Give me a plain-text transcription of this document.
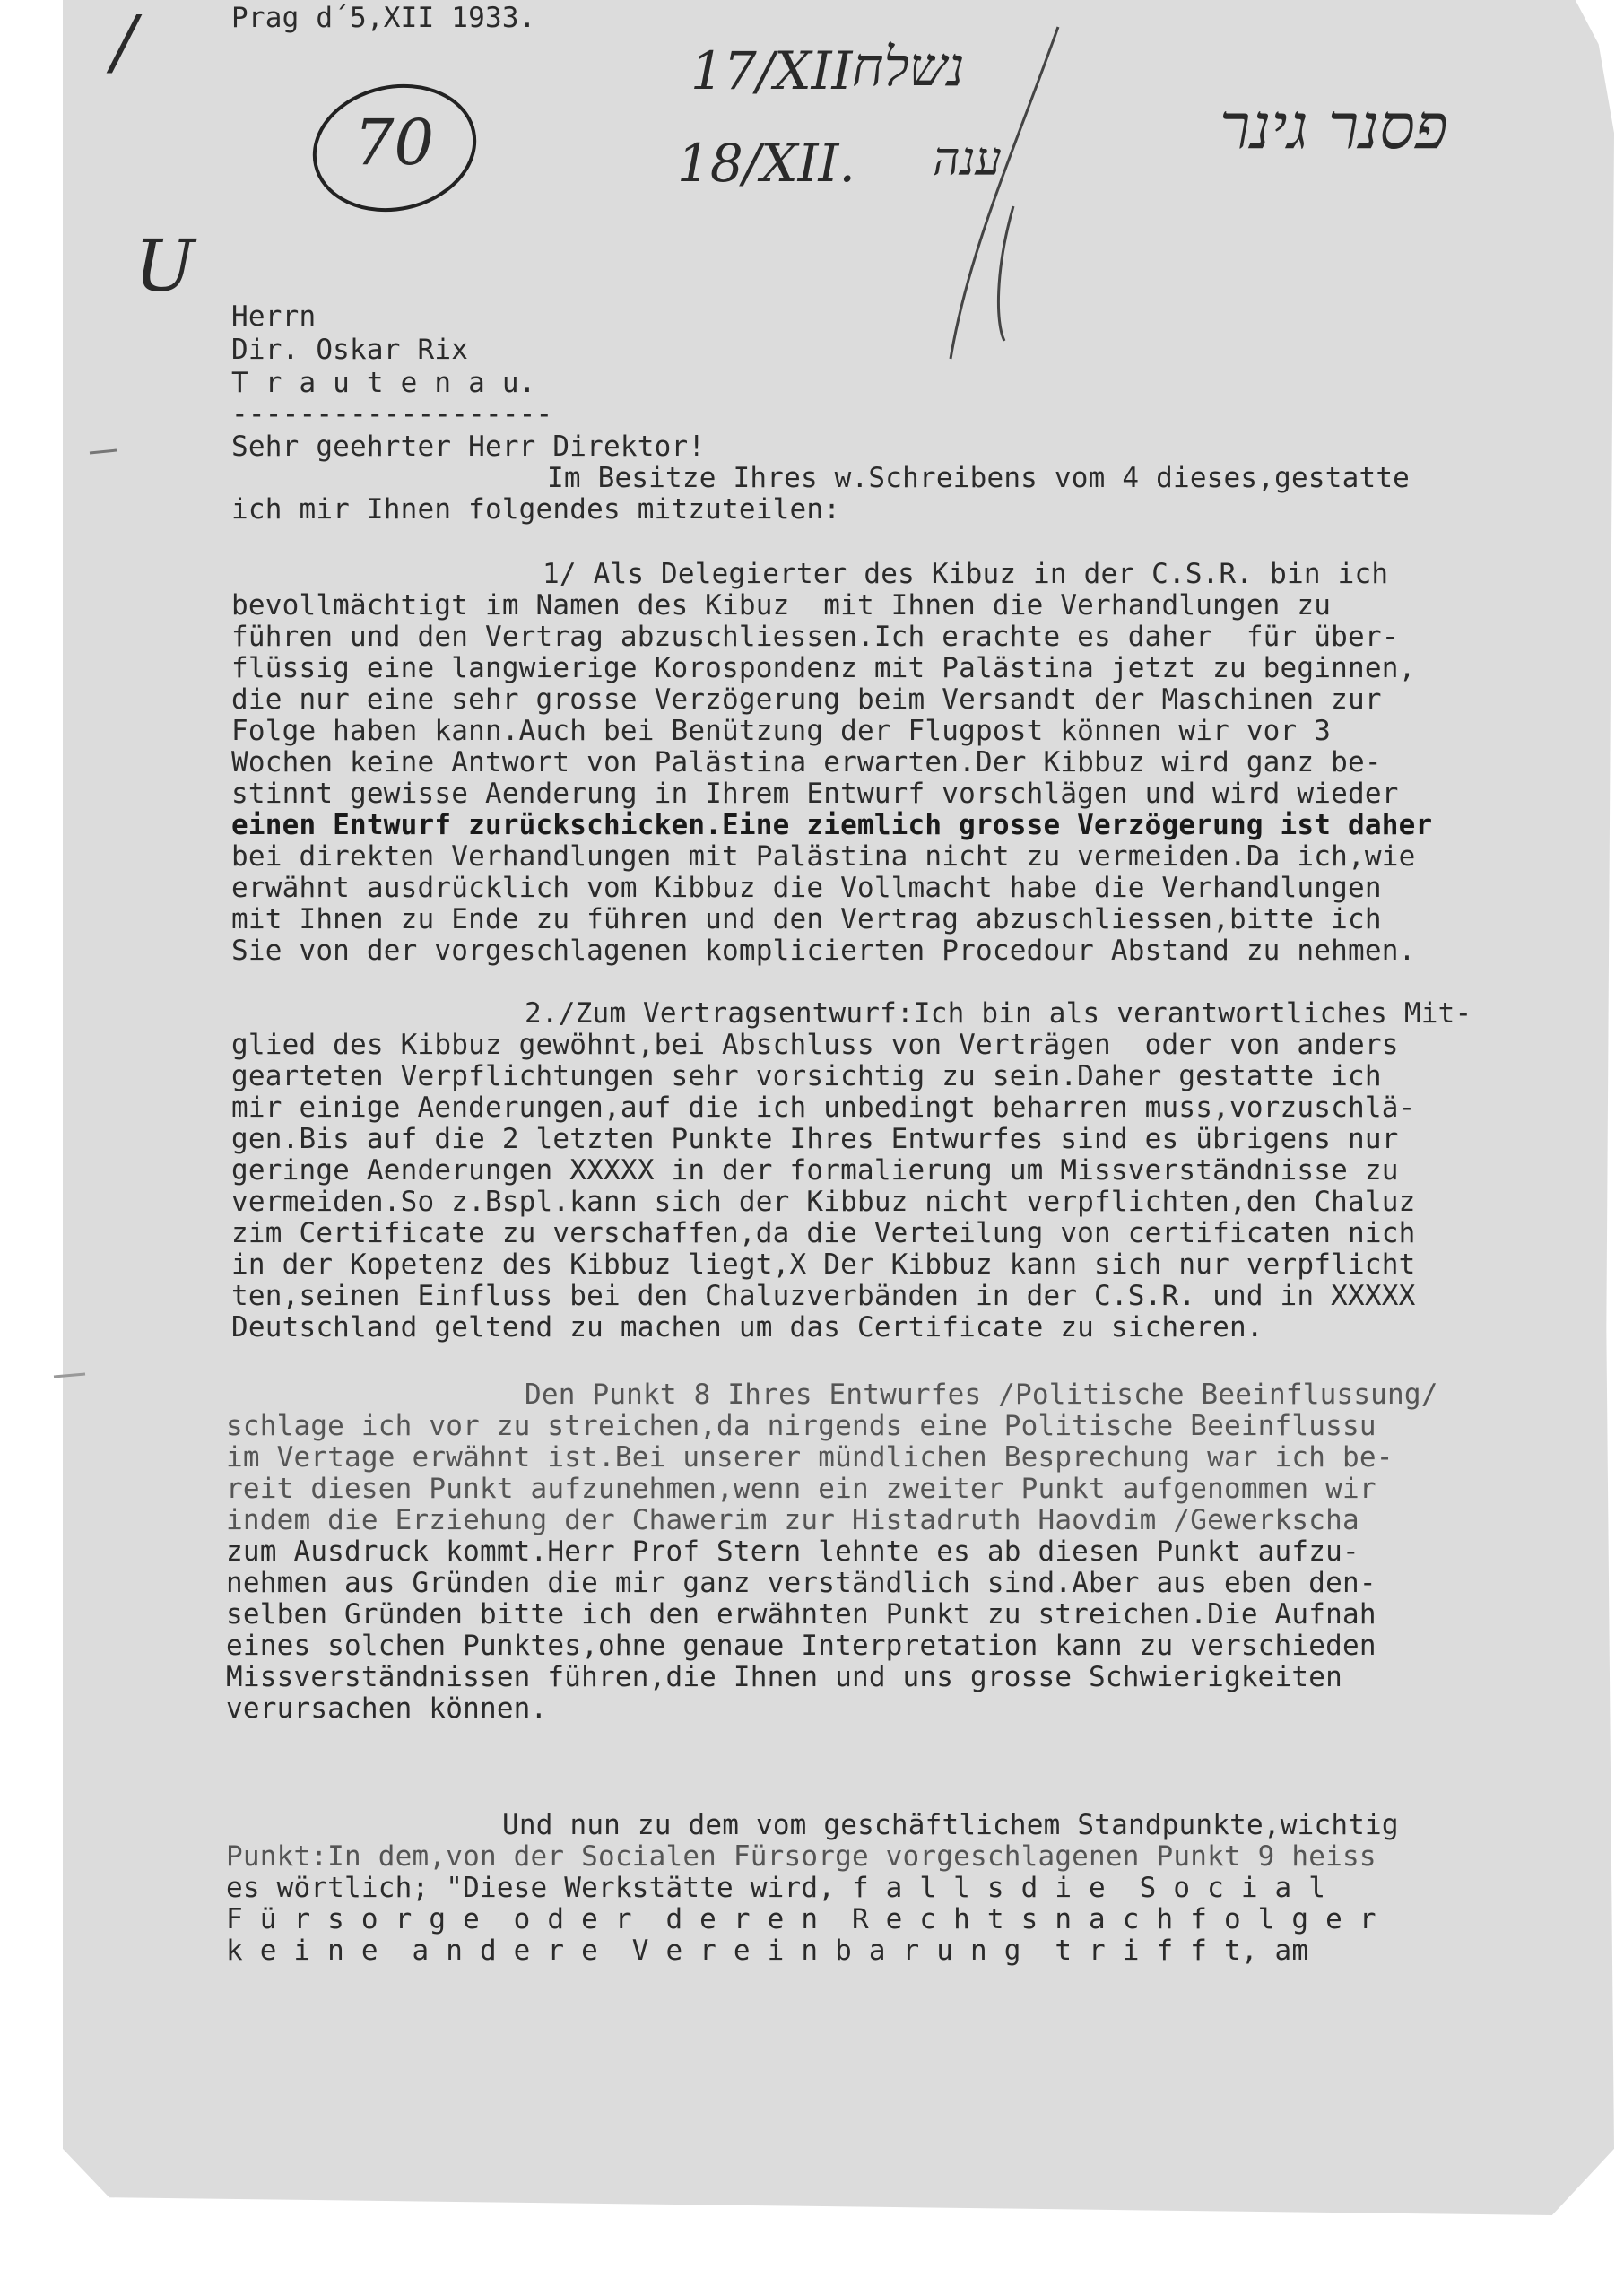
/
U
70
17/XII
18/XII.
נשלח
ענה	פסנר גינר
Prag d´5,XII 1933.
Herrn
Dir. Oskar Rix
T r a u t e n a u.
-------------------
Sehr geehrter Herr Direktor!
Im Besitze Ihres w.Schreibens vom 4 dieses,gestatte
ich mir Ihnen folgendes mitzuteilen:
1/ Als Delegierter des Kibuz in der C.S.R. bin ich
bevollmächtigt im Namen des Kibuz  mit Ihnen die Verhandlungen zu
führen und den Vertrag abzuschliessen.Ich erachte es daher  für über-
flüssig eine langwierige Korospondenz mit Palästina jetzt zu beginnen,
die nur eine sehr grosse Verzögerung beim Versandt der Maschinen zur
Folge haben kann.Auch bei Benützung der Flugpost können wir vor 3
Wochen keine Antwort von Palästina erwarten.Der Kibbuz wird ganz be-
stinnt gewisse Aenderung in Ihrem Entwurf vorschlägen und wird wieder
einen Entwurf zurückschicken.Eine ziemlich grosse Verzögerung ist daher
bei direkten Verhandlungen mit Palästina nicht zu vermeiden.Da ich,wie
erwähnt ausdrücklich vom Kibbuz die Vollmacht habe die Verhandlungen
mit Ihnen zu Ende zu führen und den Vertrag abzuschliessen,bitte ich
Sie von der vorgeschlagenen komplicierten Procedour Abstand zu nehmen.
2./Zum Vertragsentwurf:Ich bin als verantwortliches Mit-
glied des Kibbuz gewöhnt,bei Abschluss von Verträgen  oder von anders
gearteten Verpflichtungen sehr vorsichtig zu sein.Daher gestatte ich
mir einige Aenderungen,auf die ich unbedingt beharren muss,vorzuschlä-
gen.Bis auf die 2 letzten Punkte Ihres Entwurfes sind es übrigens nur
geringe Aenderungen XXXXX in der formalierung um Missverständnisse zu
vermeiden.So z.Bspl.kann sich der Kibbuz nicht verpflichten,den Chaluz
zim Certificate zu verschaffen,da die Verteilung von certificaten nich
in der Kopetenz des Kibbuz liegt,X Der Kibbuz kann sich nur verpflicht
ten,seinen Einfluss bei den Chaluzverbänden in der C.S.R. und in XXXXX
Deutschland geltend zu machen um das Certificate zu sicheren.
Den Punkt 8 Ihres Entwurfes /Politische Beeinflussung/
schlage ich vor zu streichen,da nirgends eine Politische Beeinflussu
im Vertage erwähnt ist.Bei unserer mündlichen Besprechung war ich be-
reit diesen Punkt aufzunehmen,wenn ein zweiter Punkt aufgenommen wir
indem die Erziehung der Chawerim zur Histadruth Haovdim /Gewerkscha
zum Ausdruck kommt.Herr Prof Stern lehnte es ab diesen Punkt aufzu-
nehmen aus Gründen die mir ganz verständlich sind.Aber aus eben den-
selben Gründen bitte ich den erwähnten Punkt zu streichen.Die Aufnah
eines solchen Punktes,ohne genaue Interpretation kann zu verschieden
Missverständnissen führen,die Ihnen und uns grosse Schwierigkeiten
verursachen können.
Und nun zu dem vom geschäftlichem Standpunkte,wichtig
Punkt:In dem,von der Socialen Fürsorge vorgeschlagenen Punkt 9 heiss
es wörtlich; "Diese Werkstätte wird, f a l l s d i e  S o c i a l
F ü r s o r g e  o d e r  d e r e n  R e c h t s n a c h f o l g e r
k e i n e  a n d e r e  V e r e i n b a r u n g  t r i f f t, am
